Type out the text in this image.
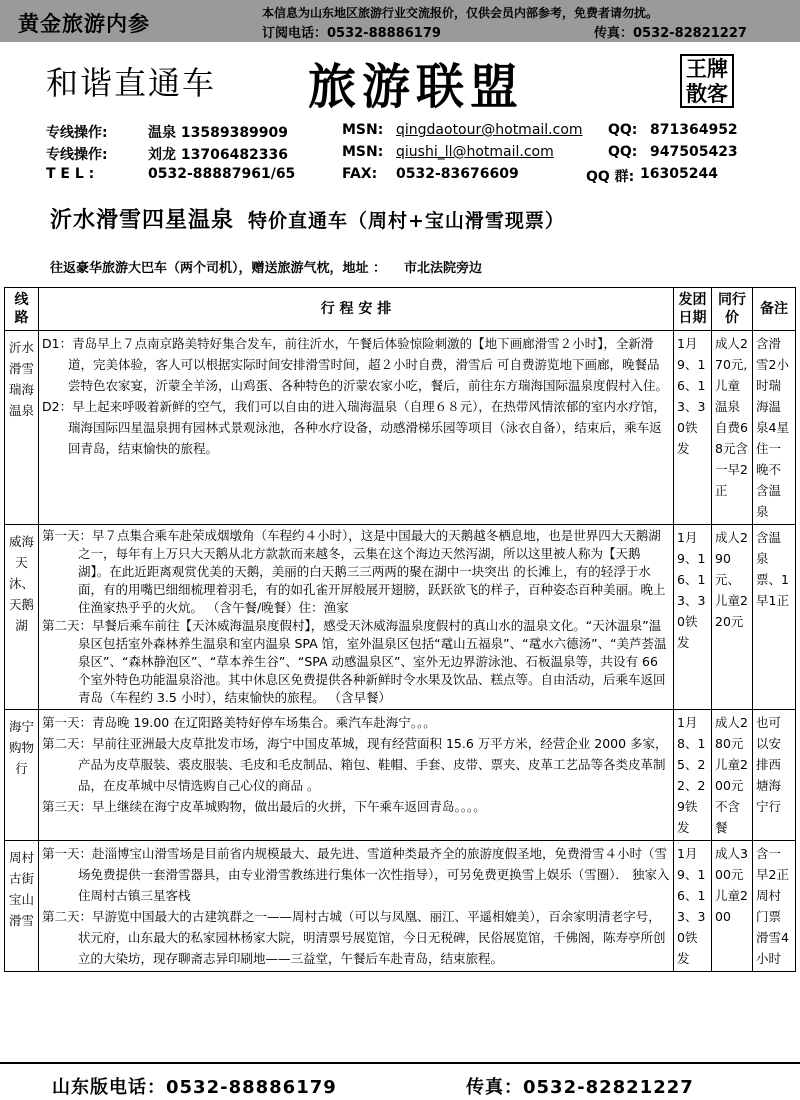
黄金旅游内参	本信息为山东地区旅游行业交流报价，仅供会员内部参考，免费者请勿扰。
订阅电话：0532-88886179	传真：0532-82821227
和谐直通车 旅游联盟	王牌散客
专线操作:	温泉 13589389909	MSN: qingdaotour@hotmail.com QQ: 871364952
专线操作:	刘龙 13706482336	MSN: qiushi_ll@hotmail.com	QQ: 947505423
T E L :	0532-88887961/65	FAX: 0532-83676609	QQ 群: 16305244
沂水滑雪四星温泉 特价直通车（周村+宝山滑雪现票）
往返豪华旅游大巴车（两个司机），赠送旅游气枕，地址 ： 市北法院旁边
线路	行 程 安 排	发团日期	同行价	备注
沂水滑雪瑞海温泉	D1：青岛早上７点南京路美特好集合发车，前往沂水，午餐后体验惊险刺激的【地下画廊滑雪２小时】，全新滑道，完美体验，客人可以根据实际时间安排滑雪时间，超２小时自费，滑雪后 可自费游览地下画廊，晚餐品尝特色农家宴，沂蒙全羊汤，山鸡蛋、各种特色的沂蒙农家小吃，餐后，前往东方瑞海国际温泉度假村入住。

D2：早上起来呼吸着新鲜的空气，我们可以自由的进入瑞海温泉（自理６８元），在热带风情浓郁的室内水疗馆，瑞海国际四星温泉拥有园林式景观泳池，各种水疗设备，动感滑梯乐园等项目（泳衣自备），结束后，乘车返回青岛，结束愉快的旅程。	1月9、16、13、30铁发	成人270元,儿童温泉自费68元含一早2正	含滑雪2小时瑞海温泉4星住一晚不含温泉
威海天沐、天鹅湖	第一天：早７点集合乘车赴荣成烟墩角（车程约４小时），这是中国最大的天鹅越冬栖息地，也是世界四大天鹅湖之一，每年有上万只大天鹅从北方款款而来越冬，云集在这个海边天然泻湖，所以这里被人称为【天鹅湖】。在此近距离观赏优美的天鹅，美丽的白天鹅三三两两的聚在湖中一块突出 的长滩上，有的轻浮于水面，有的用嘴巴细细梳理着羽毛，有的如孔雀开屏般展开翅膀，跃跃欲飞的样子，百种姿态百种美丽。晚上住渔家热乎乎的火炕。 （含午餐/晚餐）住：渔家

第二天：早餐后乘车前往【天沐威海温泉度假村】，感受天沐威海温泉度假村的真山水的温泉文化。“天沐温泉”温泉区包括室外森林养生温泉和室内温泉 SPA 馆，室外温泉区包括“鼋山五福泉”、“鼋水六德汤”、“美芦荟温泉区”、“森林静泡区”、“草本养生谷”、“SPA 动感温泉区”、室外无边界游泳池、石板温泉等，共设有 66 个室外特色功能温泉浴池。其中休息区免费提供各种新鲜时令水果及饮品、糕点等。自由活动，后乘车返回青岛（车程约 3.5 小时），结束愉快的旅程。 （含早餐）	1月9、16、13、30铁发	成人290元、儿童220元	含温泉票、1早1正
海宁购物行	第一天：青岛晚 19.00 在辽阳路美特好停车场集合。乘汽车赴海宁。。。

第二天：早前往亚洲最大皮草批发市场，海宁中国皮革城，现有经营面积 15.6 万平方米，经营企业 2000 多家，产品为皮草服装、裘皮服装、毛皮和毛皮制品、箱包、鞋帽、手套、皮带、票夹、皮革工艺品等各类皮革制品，在皮革城中尽情选购自己心仪的商品 。

第三天：早上继续在海宁皮革城购物，做出最后的火拼，下午乘车返回青岛。。。。	1月8、15、22、29铁发	成人280元儿童200元不含餐	也可以安排西塘海宁行
周村古街宝山滑雪	第一天：赴淄博宝山滑雪场是目前省内规模最大、最先进、雪道种类最齐全的旅游度假圣地，免费滑雪４小时（雪场免费提供一套滑雪器具，由专业滑雪教练进行集体一次性指导），可另免费更换雪上娱乐（雪圈）． 独家入住周村古镇三星客栈

第二天：早游览中国最大的古建筑群之一——周村古城（可以与凤凰、丽江、平遥相媲美），百余家明清老字号，状元府，山东最大的私家园林杨家大院，明清票号展览馆，今日无税碑，民俗展览馆，千佛阁，陈寿亭所创立的大染坊，现存聊斋志异印刷地——三益堂，午餐后车赴青岛，结束旅程。	1月9、16、13、30铁发	成人300元儿童200	含一早2正周村门票滑雪4小时
山东版电话：0532-88886179	传真：0532-82821227
